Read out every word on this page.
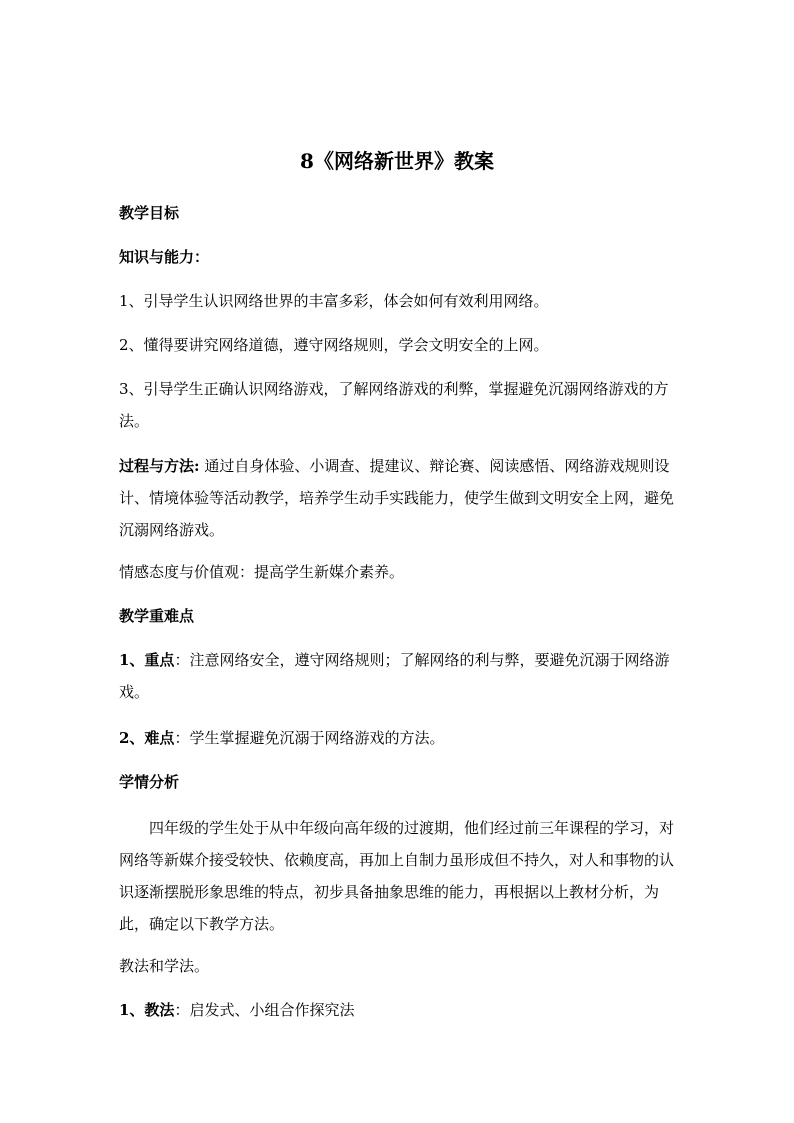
8《网络新世界》教案
教学目标
知识与能力：
1、引导学生认识网络世界的丰富多彩，体会如何有效利用网络。
2、懂得要讲究网络道德，遵守网络规则，学会文明安全的上网。
3、引导学生正确认识网络游戏，了解网络游戏的利弊，掌握避免沉溺网络游戏的方法。
过程与方法: 通过自身体验、小调查、提建议、辩论赛、阅读感悟、网络游戏规则设计、情境体验等活动教学，培养学生动手实践能力，使学生做到文明安全上网，避免沉溺网络游戏。
情感态度与价值观：提高学生新媒介素养。
教学重难点
1、重点：注意网络安全，遵守网络规则；了解网络的利与弊，要避免沉溺于网络游戏。
2、难点：学生掌握避免沉溺于网络游戏的方法。
学情分析
四年级的学生处于从中年级向高年级的过渡期，他们经过前三年课程的学习，对网络等新媒介接受较快、依赖度高，再加上自制力虽形成但不持久，对人和事物的认识逐渐摆脱形象思维的特点，初步具备抽象思维的能力，再根据以上教材分析，为此，确定以下教学方法。
教法和学法。
1、教法：启发式、小组合作探究法
